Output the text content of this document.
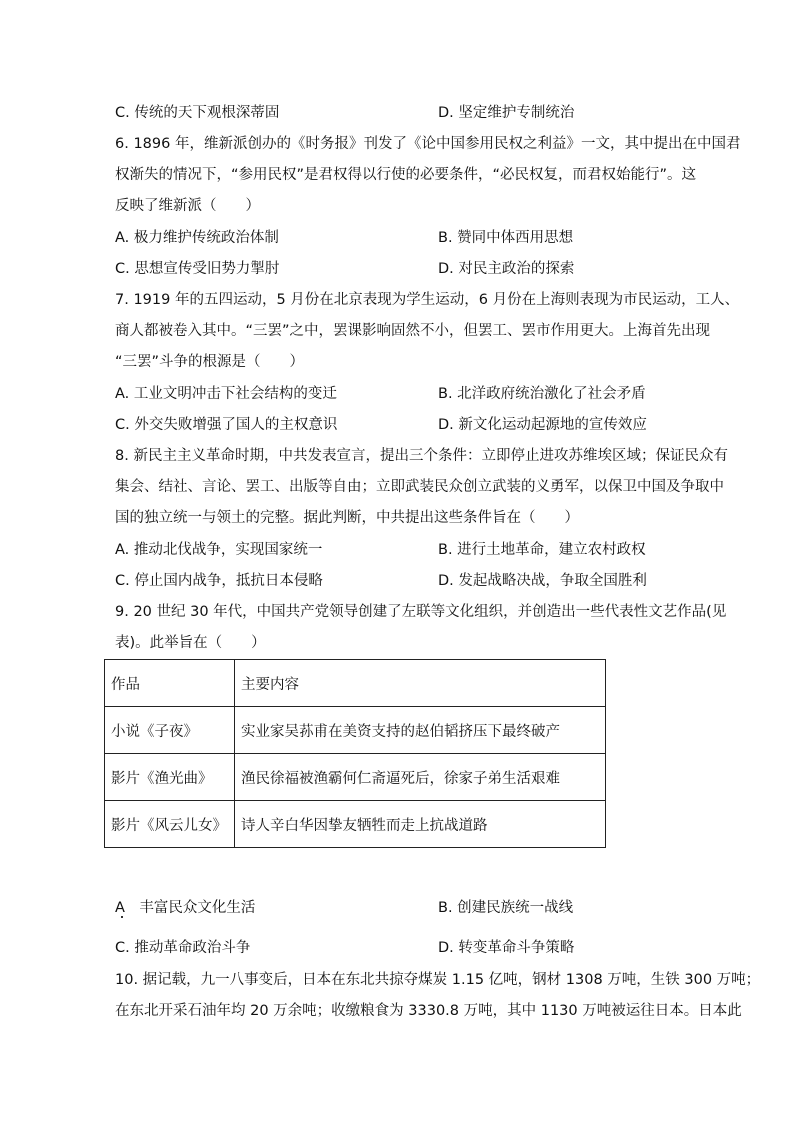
C. 传统的天下观根深蒂固	D. 坚定维护专制统治
6. 1896 年，维新派创办的《时务报》刊发了《论中国参用民权之利益》一文，其中提出在中国君
权渐失的情况下，“参用民权”是君权得以行使的必要条件，“必民权复，而君权始能行”。这
反映了维新派（　　）
A. 极力维护传统政治体制	B. 赞同中体西用思想
C. 思想宣传受旧势力掣肘	D. 对民主政治的探索
7. 1919 年的五四运动，5 月份在北京表现为学生运动，6 月份在上海则表现为市民运动，工人、
商人都被卷入其中。“三罢”之中，罢课影响固然不小，但罢工、罢市作用更大。上海首先出现
“三罢”斗争的根源是（　　）
A. 工业文明冲击下社会结构的变迁	B. 北洋政府统治激化了社会矛盾
C. 外交失败增强了国人的主权意识	D. 新文化运动起源地的宣传效应
8. 新民主主义革命时期，中共发表宣言，提出三个条件：立即停止进攻苏维埃区域；保证民众有
集会、结社、言论、罢工、出版等自由；立即武装民众创立武装的义勇军，以保卫中国及争取中
国的独立统一与领土的完整。据此判断，中共提出这些条件旨在（　　）
A. 推动北伐战争，实现国家统一	B. 进行土地革命，建立农村政权
C. 停止国内战争，抵抗日本侵略	D. 发起战略决战，争取全国胜利
9. 20 世纪 30 年代，中国共产党领导创建了左联等文化组织，并创造出一些代表性文艺作品(见
表)。此举旨在（　　）
作品	主要内容
小说《子夜》	实业家吴荪甫在美资支持的赵伯韬挤压下最终破产
影片《渔光曲》	渔民徐福被渔霸何仁斋逼死后，徐家子弟生活艰难
影片《风云儿女》	诗人辛白华因挚友牺牲而走上抗战道路
A　丰富民众文化生活	B. 创建民族统一战线
C. 推动革命政治斗争	D. 转变革命斗争策略
10. 据记载，九一八事变后，日本在东北共掠夺煤炭 1.15 亿吨，钢材 1308 万吨，生铁 300 万吨；
在东北开采石油年均 20 万余吨；收缴粮食为 3330.8 万吨，其中 1130 万吨被运往日本。日本此
